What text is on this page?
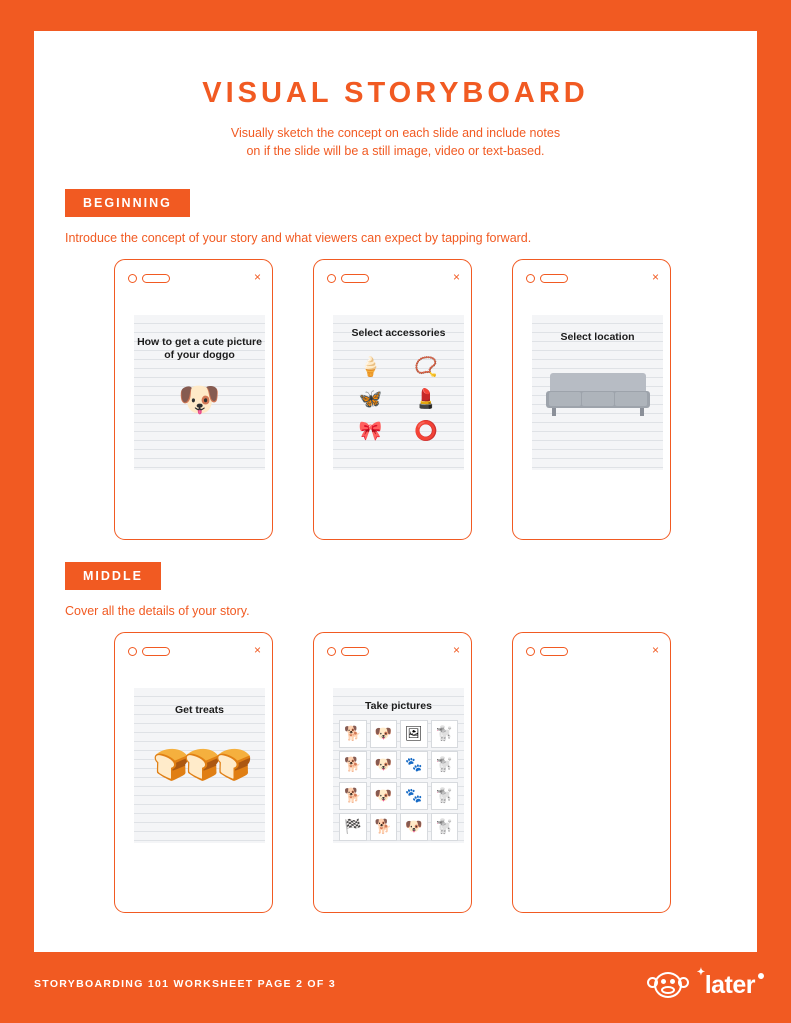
VISUAL STORYBOARD
Visually sketch the concept on each slide and include notes
on if the slide will be a still image, video or text-based.
BEGINNING
Introduce the concept of your story and what viewers can expect by tapping forward.
×
How to get a cute picture of your doggo
🐶
×
Select accessories
🍦	📿
🦋	💄
🎀	⭕
×
Select location
MIDDLE
Cover all the details of your story.
×
Get treats
🍞🍞🍞
×
Take pictures
🐕 🐶 🖼 🐩
🐕 🐶 🐾 🐩
🐕 🐶 🐾 🐩
🏁 🐕 🐶 🐩
×
STORYBOARDING 101 WORKSHEET PAGE 2 OF 3
✦ later
